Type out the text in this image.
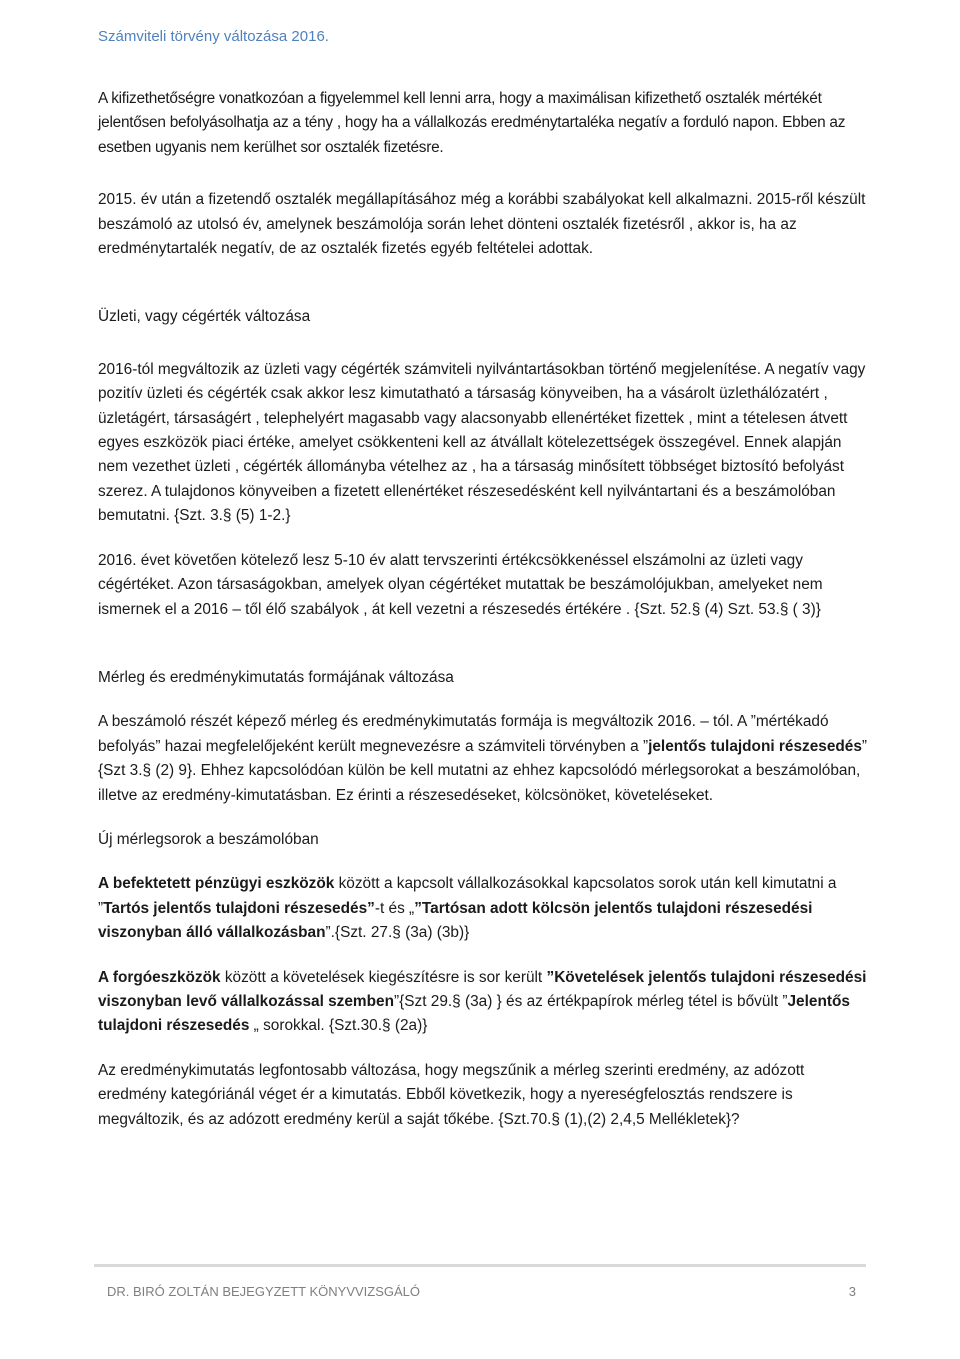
Számviteli törvény változása 2016.

A kifizethetőségre vonatkozóan a figyelemmel kell lenni arra, hogy a maximálisan kifizethető osztalék mértékét jelentősen befolyásolhatja az a tény , hogy ha a vállalkozás eredménytartaléka negatív a forduló napon. Ebben az esetben ugyanis nem kerülhet sor osztalék fizetésre.

2015. év után a fizetendő osztalék megállapításához még a korábbi szabályokat kell alkalmazni. 2015-ről készült beszámoló az utolsó év, amelynek beszámolója során lehet dönteni osztalék fizetésről , akkor is, ha az eredménytartalék negatív, de az osztalék fizetés egyéb feltételei adottak.

Üzleti, vagy cégérték változása

2016-tól megváltozik az üzleti vagy cégérték számviteli nyilvántartásokban történő megjelenítése. A negatív vagy pozitív üzleti és cégérték csak akkor lesz kimutatható a társaság könyveiben, ha a vásárolt üzlethálózatért , üzletágért, társaságért , telephelyért magasabb vagy alacsonyabb ellenértéket fizettek , mint a tételesen átvett egyes eszközök piaci értéke, amelyet csökkenteni kell az átvállalt kötelezettségek összegével. Ennek alapján nem vezethet üzleti , cégérték állományba vételhez az , ha a társaság minősített többséget biztosító befolyást szerez. A tulajdonos könyveiben a fizetett ellenértéket részesedésként kell nyilvántartani és a beszámolóban bemutatni. {Szt. 3.§ (5) 1-2.}

2016. évet követően kötelező lesz 5-10 év alatt tervszerinti értékcsökkenéssel elszámolni az üzleti vagy cégértéket. Azon társaságokban, amelyek olyan cégértéket mutattak be beszámolójukban, amelyeket nem ismernek el a 2016 – től élő szabályok , át kell vezetni a részesedés értékére . {Szt. 52.§ (4) Szt. 53.§ ( 3)}

Mérleg és eredménykimutatás formájának változása

A beszámoló részét képező mérleg és eredménykimutatás formája is megváltozik 2016. – tól. A ”mértékadó befolyás” hazai megfelelőjeként került megnevezésre a számviteli törvényben a ”jelentős tulajdoni részesedés” {Szt 3.§ (2) 9}. Ehhez kapcsolódóan külön be kell mutatni az ehhez kapcsolódó mérlegsorokat a beszámolóban, illetve az eredmény-kimutatásban. Ez érinti a részesedéseket, kölcsönöket, követeléseket.

Új mérlegsorok a beszámolóban

A befektetett pénzügyi eszközök között a kapcsolt vállalkozásokkal kapcsolatos sorok után kell kimutatni a ”Tartós jelentős tulajdoni részesedés”-t és „”Tartósan adott kölcsön jelentős tulajdoni részesedési viszonyban álló vállalkozásban”.{Szt. 27.§ (3a) (3b)}

A forgóeszközök között a követelések kiegészítésre is sor került ”Követelések jelentős tulajdoni részesedési viszonyban levő vállalkozással szemben”{Szt 29.§ (3a) } és az értékpapírok mérleg tétel is bővült ”Jelentős tulajdoni részesedés „ sorokkal. {Szt.30.§ (2a)}

Az eredménykimutatás legfontosabb változása, hogy megszűnik a mérleg szerinti eredmény, az adózott eredmény kategóriánál véget ér a kimutatás. Ebből következik, hogy a nyereségfelosztás rendszere is megváltozik, és az adózott eredmény kerül a saját tőkébe. {Szt.70.§ (1),(2) 2,4,5 Mellékletek}?

DR. BIRÓ ZOLTÁN BEJEGYZETT KÖNYVVIZSGÁLÓ	3
